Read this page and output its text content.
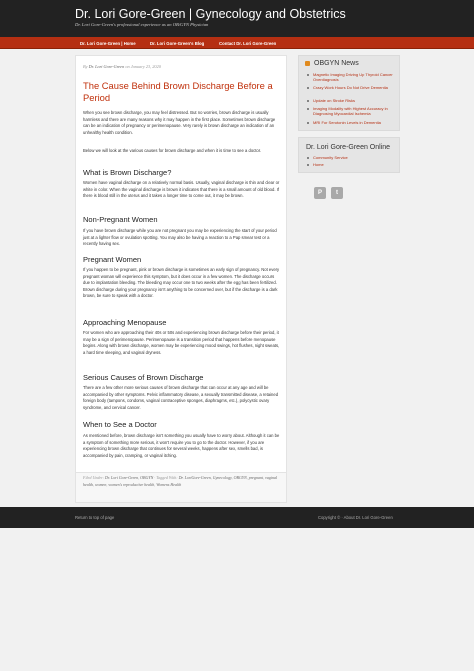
Dr. Lori Gore-Green | Gynecology and Obstetrics
Dr. Lori Gore-Green's professional experience as an OB/GYN Physician
Dr. Lori Gore-Green | Home	Dr. Lori Gore-Green's Blog	Contact Dr. Lori Gore-Green
By Dr. Lori Gore-Green on January 23, 2020
The Cause Behind Brown Discharge Before a Period
When you see brown discharge, you may feel distressed. But no worries, brown discharge is usually harmless and there are many reasons why it may happen in the first place. Sometimes brown discharge can be an indication of pregnancy or perimenopause. Very rarely is brown discharge an indication of an unhealthy health condition.
Below we will look at the various causes for brown discharge and when it is time to see a doctor.
What is Brown Discharge?
Women have vaginal discharge on a relatively normal basis. Usually, vaginal discharge is thin and clear or white in color. When the vaginal discharge is brown it indicates that there is a small amount of old blood. If there is blood still in the uterus and it takes a longer time to come out, it may be brown.
Non-Pregnant Women
If you have brown discharge while you are not pregnant you may be experiencing the start of your period just at a lighter flow or ovulation spotting. You may also be having a reaction to a Pap smear test or a recently having sex.
Pregnant Women
If you happen to be pregnant, pink or brown discharge is sometimes an early sign of pregnancy. Not every pregnant woman will experience this symptom, but it does occur in a few women. The discharge occurs due to implantation bleeding. The bleeding may occur one to two weeks after the egg has been fertilized. Brown discharge during your pregnancy isn't anything to be concerned over, but if the discharge is a dark brown, be sure to speak with a doctor.
Approaching Menopause
For women who are approaching their 40s or 50s and experiencing brown discharge before their period, it may be a sign of perimenopause. Perimenopause is a transition period that happens before menopause begins. Along with brown discharge, women may be experiencing mood swings, hot flushes, night sweats, a hard time sleeping, and vaginal dryness.
Serious Causes of Brown Discharge
There are a few other more serious causes of brown discharge that can occur at any age and will be accompanied by other symptoms. Pelvic inflammatory disease, a sexually transmitted disease, a retained foreign body (tampons, condoms, vaginal contraceptive sponges, diaphragms, etc.), polycystic ovary syndrome, and cervical cancer.
When to See a Doctor
As mentioned before, brown discharge isn't something you usually have to worry about. Although it can be a symptom of something more serious, it won't require you to go to the doctor. However, if you are experiencing brown discharge that continues for several weeks, happens after sex, smells bad, is accompanied by pain, cramping, or vaginal itching.
Filed Under: Dr. Lori Gore-Green, OBGYN · Tagged With: Dr. LoriGore-Green, Gynecology, OBGYN, pregnant, vaginal health, women, women's reproductive health, Womens Health
OBGYN News
Magnetic Imaging Driving Up Thyroid Cancer Overdiagnosis
Crazy Work Hours Do Not Drive Dementia
Update on Stroke Risks
Imaging Modality with Highest Accuracy in Diagnosing Myocardial Ischemia
MRI For Serotonin Levels in Dementia
Dr. Lori Gore-Green Online
Community Service
Home
P	t
Return to top of page	Copyright © · About Dr. Lori Gore-Green
